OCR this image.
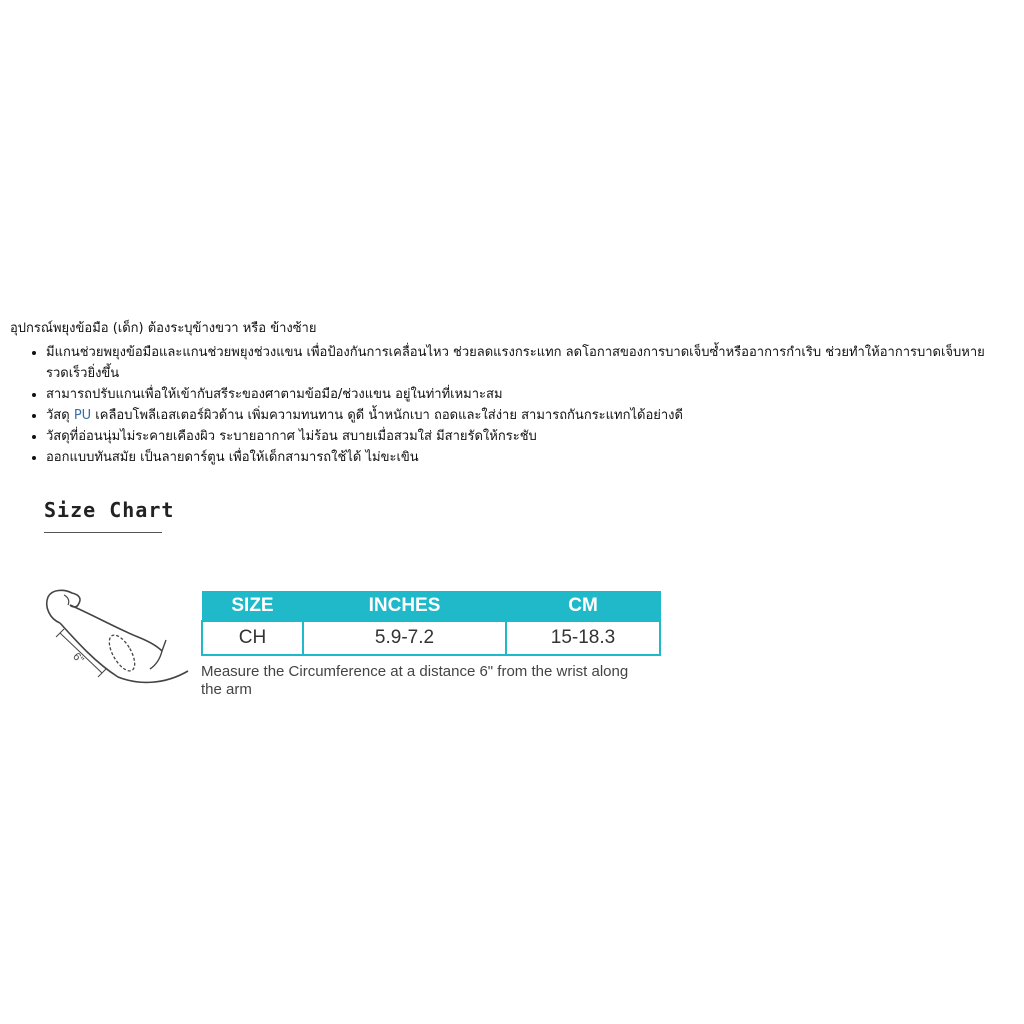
อุปกรณ์พยุงข้อมือ (เด็ก) ต้องระบุข้างขวา หรือ ข้างซ้าย
• มีแกนช่วยพยุงข้อมือและแกนช่วยพยุงช่วงแขน เพื่อป้องกันการเคลื่อนไหว ช่วยลดแรงกระแทก ลดโอกาสของการบาดเจ็บซ้ำหรืออาการกำเริบ ช่วยทำให้อาการบาดเจ็บหายรวดเร็วยิ่งขึ้น
• สามารถปรับแกนเพื่อให้เข้ากับสรีระของศาตามข้อมือ/ช่วงแขน อยู่ในท่าที่เหมาะสม
• วัสดุ PU เคลือบโพลีเอสเตอร์ผิวด้าน เพิ่มความทนทาน ดูดี น้ำหนักเบา ถอดและใส่ง่าย สามารถกันกระแทกได้อย่างดี
• วัสดุที่อ่อนนุ่มไม่ระคายเคืองผิว ระบายอากาศ ไม่ร้อน สบายเมื่อสวมใส่ มีสายรัดให้กระชับ
• ออกแบบทันสมัย เป็นลายดาร์ตูน เพื่อให้เด็กสามารถใช้ได้ ไม่ขะเขิน
Size Chart
6"
SIZE	INCHES	CM
CH	5.9-7.2	15-18.3
Measure the Circumference at a distance 6" from the wrist along the arm
